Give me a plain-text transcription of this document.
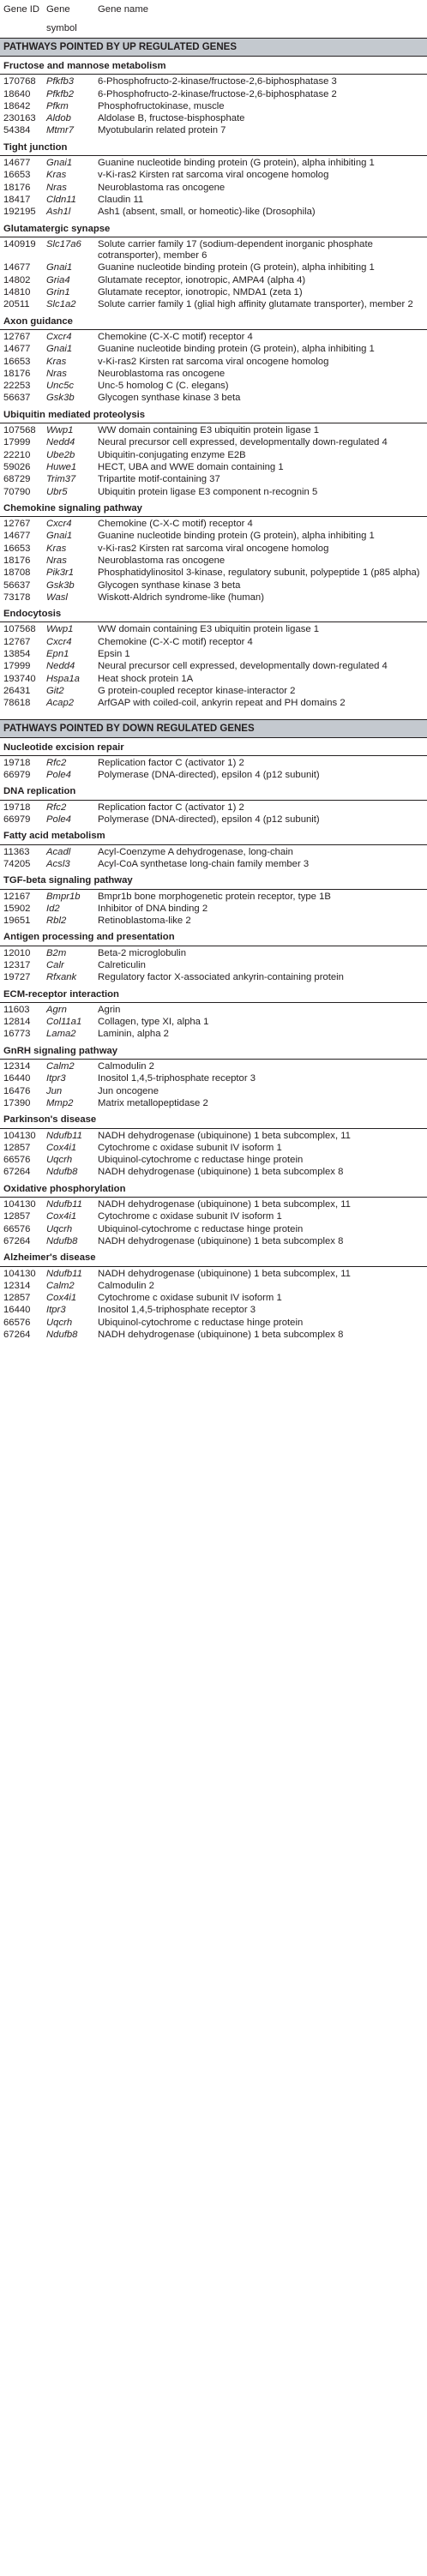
Gene ID	Gene symbol	Gene name
PATHWAYS POINTED BY UP REGULATED GENES		
Fructose and mannose metabolism		
170768	Pfkfb3	6-Phosphofructo-2-kinase/fructose-2,6-biphosphatase 3
18640	Pfkfb2	6-Phosphofructo-2-kinase/fructose-2,6-biphosphatase 2
18642	Pfkm	Phosphofructokinase, muscle
230163	Aldob	Aldolase B, fructose-bisphosphate
54384	Mtmr7	Myotubularin related protein 7
Tight junction		
14677	Gnai1	Guanine nucleotide binding protein (G protein), alpha inhibiting 1
16653	Kras	v-Ki-ras2 Kirsten rat sarcoma viral oncogene homolog
18176	Nras	Neuroblastoma ras oncogene
18417	Cldn11	Claudin 11
192195	Ash1l	Ash1 (absent, small, or homeotic)-like (Drosophila)
Glutamatergic synapse		
140919	Slc17a6	Solute carrier family 17 (sodium-dependent inorganic phosphate cotransporter), member 6
14677	Gnai1	Guanine nucleotide binding protein (G protein), alpha inhibiting 1
14802	Gria4	Glutamate receptor, ionotropic, AMPA4 (alpha 4)
14810	Grin1	Glutamate receptor, ionotropic, NMDA1 (zeta 1)
20511	Slc1a2	Solute carrier family 1 (glial high affinity glutamate transporter), member 2
Axon guidance		
12767	Cxcr4	Chemokine (C-X-C motif) receptor 4
14677	Gnai1	Guanine nucleotide binding protein (G protein), alpha inhibiting 1
16653	Kras	v-Ki-ras2 Kirsten rat sarcoma viral oncogene homolog
18176	Nras	Neuroblastoma ras oncogene
22253	Unc5c	Unc-5 homolog C (C. elegans)
56637	Gsk3b	Glycogen synthase kinase 3 beta
Ubiquitin mediated proteolysis		
107568	Wwp1	WW domain containing E3 ubiquitin protein ligase 1
17999	Nedd4	Neural precursor cell expressed, developmentally down-regulated 4
22210	Ube2b	Ubiquitin-conjugating enzyme E2B
59026	Huwe1	HECT, UBA and WWE domain containing 1
68729	Trim37	Tripartite motif-containing 37
70790	Ubr5	Ubiquitin protein ligase E3 component n-recognin 5
Chemokine signaling pathway		
12767	Cxcr4	Chemokine (C-X-C motif) receptor 4
14677	Gnai1	Guanine nucleotide binding protein (G protein), alpha inhibiting 1
16653	Kras	v-Ki-ras2 Kirsten rat sarcoma viral oncogene homolog
18176	Nras	Neuroblastoma ras oncogene
18708	Pik3r1	Phosphatidylinositol 3-kinase, regulatory subunit, polypeptide 1 (p85 alpha)
56637	Gsk3b	Glycogen synthase kinase 3 beta
73178	Wasl	Wiskott-Aldrich syndrome-like (human)
Endocytosis		
107568	Wwp1	WW domain containing E3 ubiquitin protein ligase 1
12767	Cxcr4	Chemokine (C-X-C motif) receptor 4
13854	Epn1	Epsin 1
17999	Nedd4	Neural precursor cell expressed, developmentally down-regulated 4
193740	Hspa1a	Heat shock protein 1A
26431	Git2	G protein-coupled receptor kinase-interactor 2
78618	Acap2	ArfGAP with coiled-coil, ankyrin repeat and PH domains 2

PATHWAYS POINTED BY DOWN REGULATED GENES		
Nucleotide excision repair		
19718	Rfc2	Replication factor C (activator 1) 2
66979	Pole4	Polymerase (DNA-directed), epsilon 4 (p12 subunit)
DNA replication		
19718	Rfc2	Replication factor C (activator 1) 2
66979	Pole4	Polymerase (DNA-directed), epsilon 4 (p12 subunit)
Fatty acid metabolism		
11363	Acadl	Acyl-Coenzyme A dehydrogenase, long-chain
74205	Acsl3	Acyl-CoA synthetase long-chain family member 3
TGF-beta signaling pathway		
12167	Bmpr1b	Bmpr1b bone morphogenetic protein receptor, type 1B
15902	Id2	Inhibitor of DNA binding 2
19651	Rbl2	Retinoblastoma-like 2
Antigen processing and presentation		
12010	B2m	Beta-2 microglobulin
12317	Calr	Calreticulin
19727	Rfxank	Regulatory factor X-associated ankyrin-containing protein
ECM-receptor interaction		
11603	Agrn	Agrin
12814	Col11a1	Collagen, type XI, alpha 1
16773	Lama2	Laminin, alpha 2
GnRH signaling pathway		
12314	Calm2	Calmodulin 2
16440	Itpr3	Inositol 1,4,5-triphosphate receptor 3
16476	Jun	Jun oncogene
17390	Mmp2	Matrix metallopeptidase 2
Parkinson's disease		
104130	Ndufb11	NADH dehydrogenase (ubiquinone) 1 beta subcomplex, 11
12857	Cox4i1	Cytochrome c oxidase subunit IV isoform 1
66576	Uqcrh	Ubiquinol-cytochrome c reductase hinge protein
67264	Ndufb8	NADH dehydrogenase (ubiquinone) 1 beta subcomplex 8
Oxidative phosphorylation		
104130	Ndufb11	NADH dehydrogenase (ubiquinone) 1 beta subcomplex, 11
12857	Cox4i1	Cytochrome c oxidase subunit IV isoform 1
66576	Uqcrh	Ubiquinol-cytochrome c reductase hinge protein
67264	Ndufb8	NADH dehydrogenase (ubiquinone) 1 beta subcomplex 8
Alzheimer's disease		
104130	Ndufb11	NADH dehydrogenase (ubiquinone) 1 beta subcomplex, 11
12314	Calm2	Calmodulin 2
12857	Cox4i1	Cytochrome c oxidase subunit IV isoform 1
16440	Itpr3	Inositol 1,4,5-triphosphate receptor 3
66576	Uqcrh	Ubiquinol-cytochrome c reductase hinge protein
67264	Ndufb8	NADH dehydrogenase (ubiquinone) 1 beta subcomplex 8
